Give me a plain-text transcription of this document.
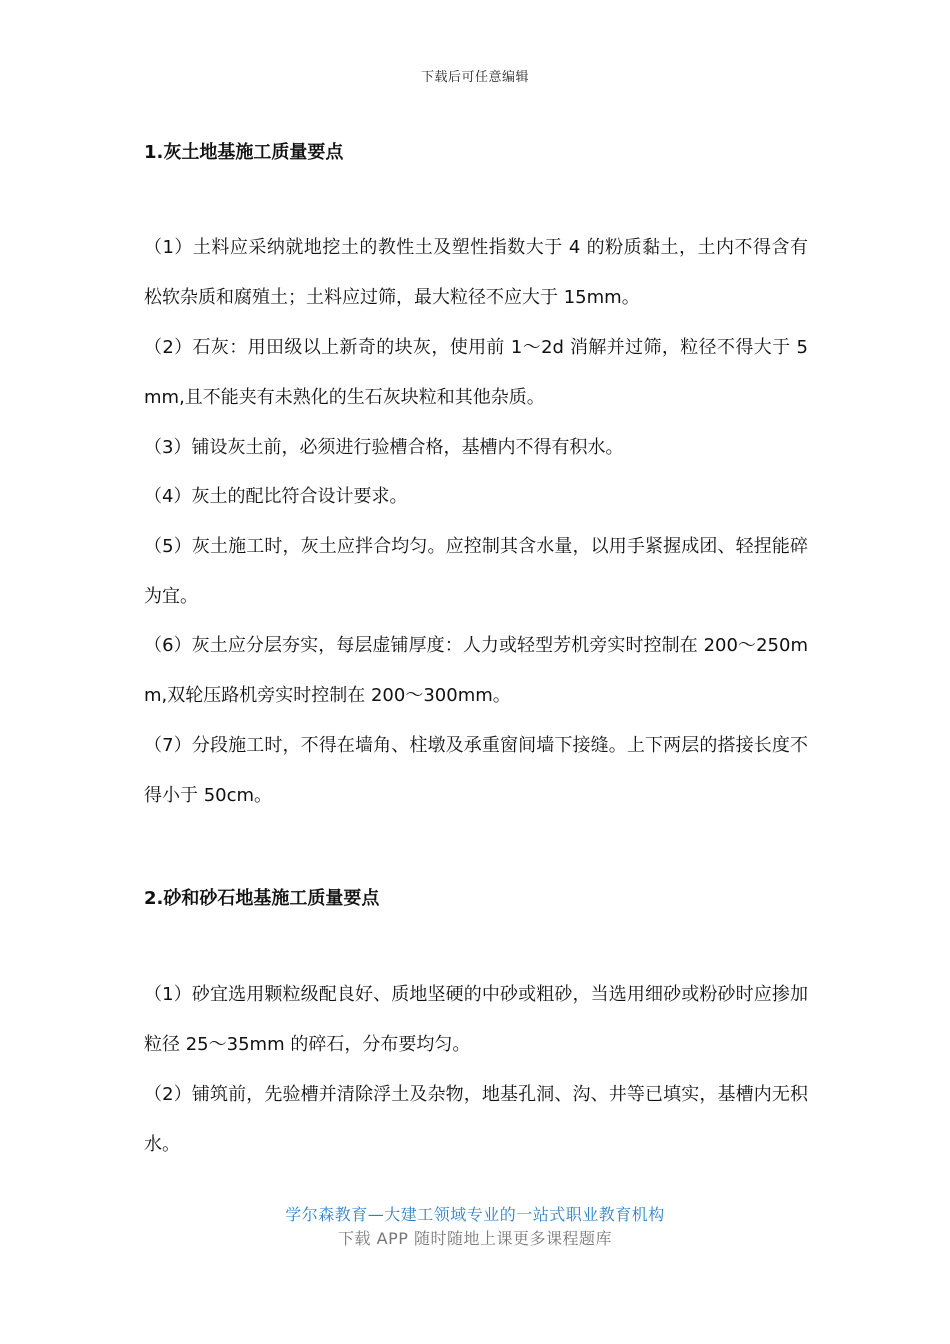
下载后可任意编辑
1.灰土地基施工质量要点

（1）土料应采纳就地挖土的教性土及塑性指数大于 4 的粉质黏土，土内不得含有松软杂质和腐殖土；土料应过筛，最大粒径不应大于 15mm。

（2）石灰：用田级以上新奇的块灰，使用前 1～2d 消解并过筛，粒径不得大于 5mm,且不能夹有未熟化的生石灰块粒和其他杂质。

（3）铺设灰土前，必须进行验槽合格，基槽内不得有积水。

（4）灰土的配比符合设计要求。

（5）灰土施工时，灰土应拌合均匀。应控制其含水量，以用手紧握成团、轻捏能碎为宜。

（6）灰土应分层夯实，每层虚铺厚度：人力或轻型芳机旁实时控制在 200～250mm,双轮压路机旁实时控制在 200～300mm。

（7）分段施工时，不得在墙角、柱墩及承重窗间墙下接缝。上下两层的搭接长度不得小于 50cm。

2.砂和砂石地基施工质量要点

（1）砂宜选用颗粒级配良好、质地坚硬的中砂或粗砂，当选用细砂或粉砂时应掺加粒径 25～35mm 的碎石，分布要均匀。

（2）铺筑前，先验槽并清除浮土及杂物，地基孔洞、沟、井等已填实，基槽内无积水。

学尔森教育—大建工领域专业的一站式职业教育机构
下载 APP 随时随地上课更多课程题库
